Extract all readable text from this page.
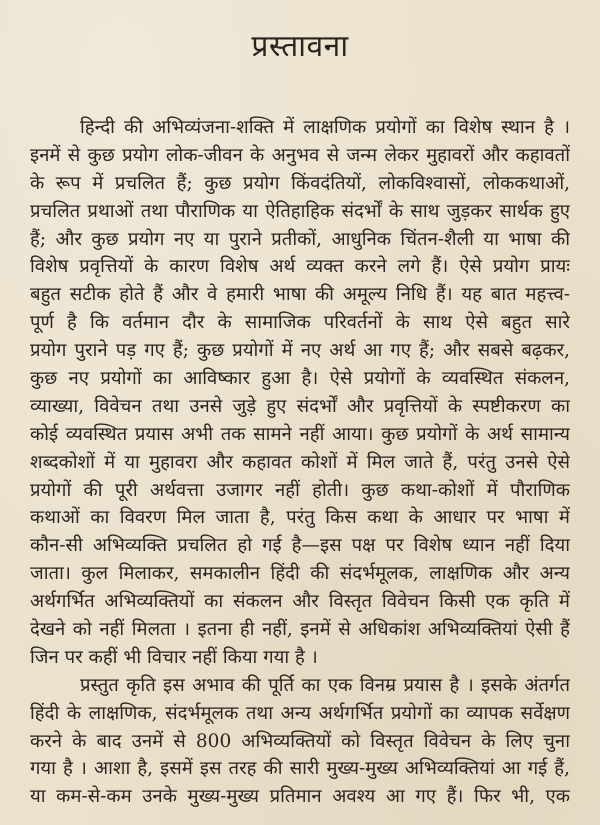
प्रस्तावना
हिन्दी की अभिव्यंजना-शक्ति में लाक्षणिक प्रयोगों का विशेष स्थान है ।
इनमें से कुछ प्रयोग लोक-जीवन के अनुभव से जन्म लेकर मुहावरों और कहावतों
के रूप में प्रचलित हैं; कुछ प्रयोग किंवदंतियों, लोकविश्वासों, लोककथाओं,
प्रचलित प्रथाओं तथा पौराणिक या ऐतिहाहिक संदर्भों के साथ जुड़कर सार्थक हुए
हैं; और कुछ प्रयोग नए या पुराने प्रतीकों, आधुनिक चिंतन-शैली या भाषा की
विशेष प्रवृत्तियों के कारण विशेष अर्थ व्यक्त करने लगे हैं। ऐसे प्रयोग प्रायः
बहुत सटीक होते हैं और वे हमारी भाषा की अमूल्य निधि हैं। यह बात महत्त्व-
पूर्ण है कि वर्तमान दौर के सामाजिक परिवर्तनों के साथ ऐसे बहुत सारे
प्रयोग पुराने पड़ गए हैं; कुछ प्रयोगों में नए अर्थ आ गए हैं; और सबसे बढ़कर,
कुछ नए प्रयोगों का आविष्कार हुआ है। ऐसे प्रयोगों के व्यवस्थित संकलन,
व्याख्या, विवेचन तथा उनसे जुड़े हुए संदर्भों और प्रवृत्तियों के स्पष्टीकरण का
कोई व्यवस्थित प्रयास अभी तक सामने नहीं आया। कुछ प्रयोगों के अर्थ सामान्य
शब्दकोशों में या मुहावरा और कहावत कोशों में मिल जाते हैं, परंतु उनसे ऐसे
प्रयोगों की पूरी अर्थवत्ता उजागर नहीं होती। कुछ कथा-कोशों में पौराणिक
कथाओं का विवरण मिल जाता है, परंतु किस कथा के आधार पर भाषा में
कौन-सी अभिव्यक्ति प्रचलित हो गई है—इस पक्ष पर विशेष ध्यान नहीं दिया
जाता। कुल मिलाकर, समकालीन हिंदी की संदर्भमूलक, लाक्षणिक और अन्य
अर्थगर्भित अभिव्यक्तियों का संकलन और विस्तृत विवेचन किसी एक कृति में
देखने को नहीं मिलता । इतना ही नहीं, इनमें से अधिकांश अभिव्यक्तियां ऐसी हैं
जिन पर कहीं भी विचार नहीं किया गया है ।
प्रस्तुत कृति इस अभाव की पूर्ति का एक विनम्र प्रयास है । इसके अंतर्गत
हिंदी के लाक्षणिक, संदर्भमूलक तथा अन्य अर्थगर्भित प्रयोगों का व्यापक सर्वेक्षण
करने के बाद उनमें से 800 अभिव्यक्तियों को विस्तृत विवेचन के लिए चुना
गया है । आशा है, इसमें इस तरह की सारी मुख्य-मुख्य अभिव्यक्तियां आ गई हैं,
या कम-से-कम उनके मुख्य-मुख्य प्रतिमान अवश्य आ गए हैं। फिर भी, एक
